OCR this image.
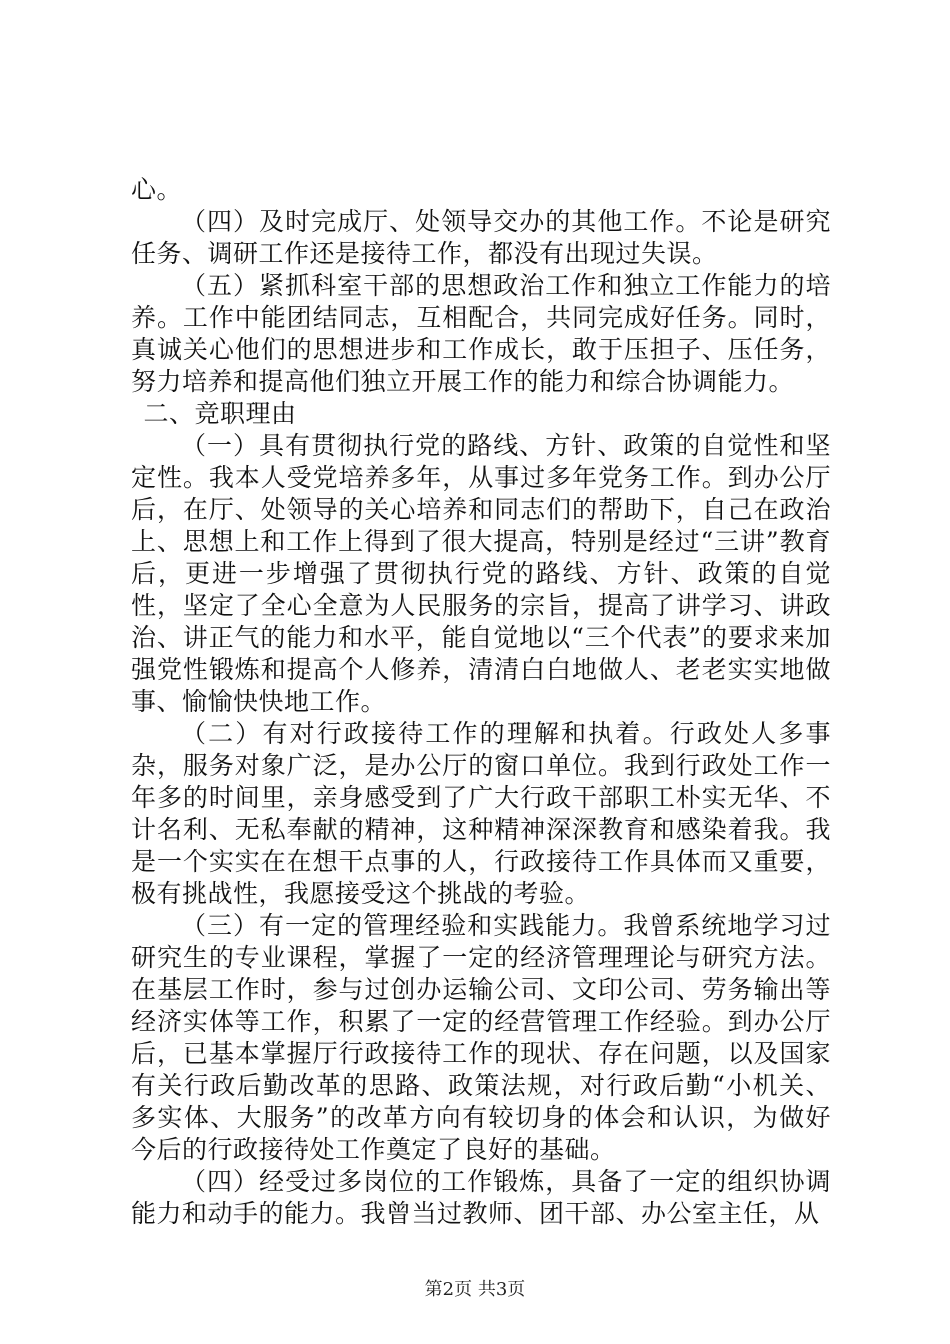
心。

（四）及时完成厅、处领导交办的其他工作。不论是研究任务、调研工作还是接待工作，都没有出现过失误。

（五）紧抓科室干部的思想政治工作和独立工作能力的培养。工作中能团结同志，互相配合，共同完成好任务。同时，真诚关心他们的思想进步和工作成长，敢于压担子、压任务，努力培养和提高他们独立开展工作的能力和综合协调能力。

二、竞职理由

（一）具有贯彻执行党的路线、方针、政策的自觉性和坚定性。我本人受党培养多年，从事过多年党务工作。到办公厅后，在厅、处领导的关心培养和同志们的帮助下，自己在政治上、思想上和工作上得到了很大提高，特别是经过“三讲”教育后，更进一步增强了贯彻执行党的路线、方针、政策的自觉性，坚定了全心全意为人民服务的宗旨，提高了讲学习、讲政治、讲正气的能力和水平，能自觉地以“三个代表”的要求来加强党性锻炼和提高个人修养，清清白白地做人、老老实实地做事、愉愉快快地工作。

（二）有对行政接待工作的理解和执着。行政处人多事杂，服务对象广泛，是办公厅的窗口单位。我到行政处工作一年多的时间里，亲身感受到了广大行政干部职工朴实无华、不计名利、无私奉献的精神，这种精神深深教育和感染着我。我是一个实实在在想干点事的人，行政接待工作具体而又重要，极有挑战性，我愿接受这个挑战的考验。

（三）有一定的管理经验和实践能力。我曾系统地学习过研究生的专业课程，掌握了一定的经济管理理论与研究方法。在基层工作时，参与过创办运输公司、文印公司、劳务输出等经济实体等工作，积累了一定的经营管理工作经验。到办公厅后，已基本掌握厅行政接待工作的现状、存在问题，以及国家有关行政后勤改革的思路、政策法规，对行政后勤“小机关、多实体、大服务”的改革方向有较切身的体会和认识，为做好今后的行政接待处工作奠定了良好的基础。

（四）经受过多岗位的工作锻炼，具备了一定的组织协调能力和动手的能力。我曾当过教师、团干部、办公室主任，从

第2页 共3页
